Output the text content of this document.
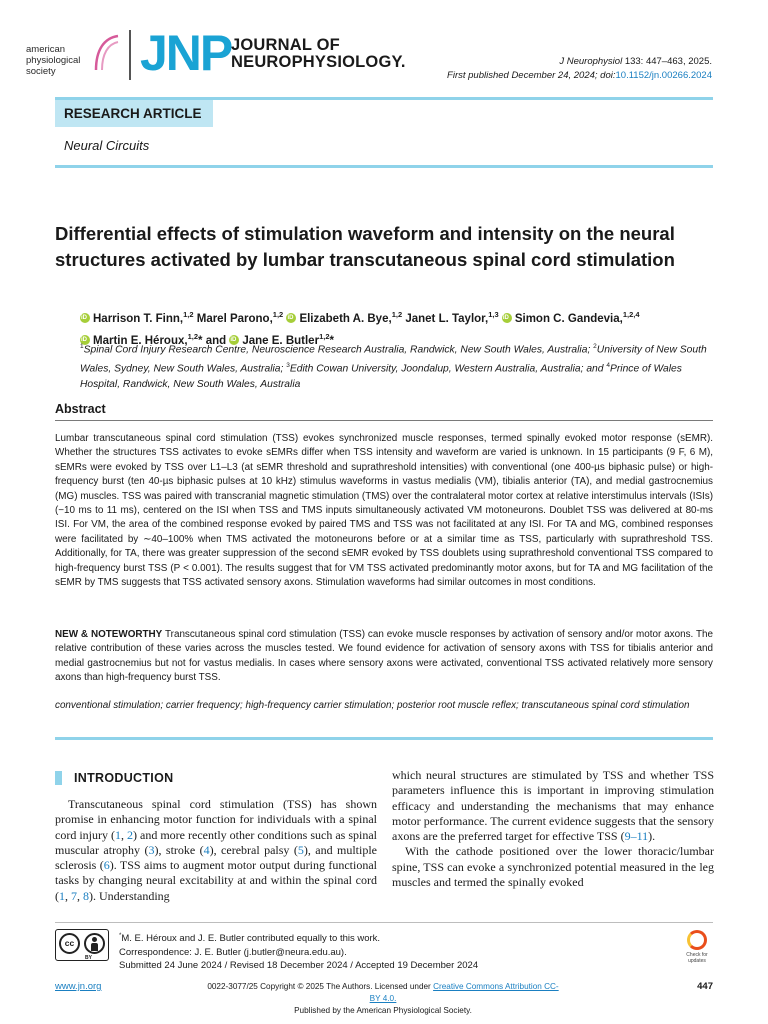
american
physiological
society	JNP JOURNAL OF
NEUROPHYSIOLOGY.	J Neurophysiol 133: 447–463, 2025.
First published December 24, 2024; doi:10.1152/jn.00266.2024
RESEARCH ARTICLE
Neural Circuits
Differential effects of stimulation waveform and intensity on the neural structures activated by lumbar transcutaneous spinal cord stimulation
iDHarrison T. Finn,$^{1,2}$ Marel Parono,$^{1,2}$ iD Elizabeth A. Bye,$^{1,2}$ Janet L. Taylor,$^{1,3}$ iD Simon C. Gandevia,$^{1,2,4}$
iDMartin E. Héroux,$^{1,2}$* and iD Jane E. Butler$^{1,2}$*
$^1$Spinal Cord Injury Research Centre, Neuroscience Research Australia, Randwick, New South Wales, Australia; $^2$University of New South Wales, Sydney, New South Wales, Australia; $^3$Edith Cowan University, Joondalup, Western Australia, Australia; and $^4$Prince of Wales Hospital, Randwick, New South Wales, Australia
Abstract
Lumbar transcutaneous spinal cord stimulation (TSS) evokes synchronized muscle responses, termed spinally evoked motor response (sEMR). Whether the structures TSS activates to evoke sEMRs differ when TSS intensity and waveform are varied is unknown. In 15 participants (9 F, 6 M), sEMRs were evoked by TSS over L1–L3 (at sEMR threshold and suprathreshold intensities) with conventional (one 400-µs biphasic pulse) or high-frequency burst (ten 40-µs biphasic pulses at 10 kHz) stimulus waveforms in vastus medialis (VM), tibialis anterior (TA), and medial gastrocnemius (MG) muscles. TSS was paired with transcranial magnetic stimulation (TMS) over the contralateral motor cortex at relative interstimulus intervals (ISIs) (−10 ms to 11 ms), centered on the ISI when TSS and TMS inputs simultaneously activated VM motoneurons. Doublet TSS was delivered at 80-ms ISI. For VM, the area of the combined response evoked by paired TMS and TSS was not facilitated at any ISI. For TA and MG, combined responses were facilitated by ∼40–100% when TMS activated the motoneurons before or at a similar time as TSS, particularly with suprathreshold TSS. Additionally, for TA, there was greater suppression of the second sEMR evoked by TSS doublets using suprathreshold conventional TSS compared to high-frequency burst TSS (P < 0.001). The results suggest that for VM TSS activated predominantly motor axons, but for TA and MG facilitation of the sEMR by TMS suggests that TSS activated sensory axons. Stimulation waveforms had similar outcomes in most conditions.
NEW & NOTEWORTHY Transcutaneous spinal cord stimulation (TSS) can evoke muscle responses by activation of sensory and/or motor axons. The relative contribution of these varies across the muscles tested. We found evidence for activation of sensory axons with TSS for tibialis anterior and medial gastrocnemius but not for vastus medialis. In cases where sensory axons were activated, conventional TSS activated relatively more sensory axons than high-frequency burst TSS.
conventional stimulation; carrier frequency; high-frequency carrier stimulation; posterior root muscle reflex; transcutaneous spinal cord stimulation
INTRODUCTION

Transcutaneous spinal cord stimulation (TSS) has shown promise in enhancing motor function for individuals with a spinal cord injury (1, 2) and more recently other conditions such as spinal muscular atrophy (3), stroke (4), cerebral palsy (5), and multiple sclerosis (6). TSS aims to augment motor output during functional tasks by changing neural excitability at and within the spinal cord (1, 7, 8). Understanding

which neural structures are stimulated by TSS and whether TSS parameters influence this is important in improving stimulation efficacy and understanding the mechanisms that may enhance motor performance. The current evidence suggests that the sensory axons are the preferred target for effective TSS (9–11).

With the cathode positioned over the lower thoracic/lumbar spine, TSS can evoke a synchronized potential measured in the leg muscles and termed the spinally evoked

cc
BY
*M. E. Héroux and J. E. Butler contributed equally to this work.
Correspondence: J. E. Butler (j.butler@neura.edu.au).
Submitted 24 June 2024 / Revised 18 December 2024 / Accepted 19 December 2024
Check for
updates
www.jn.org	0022-3077/25 Copyright © 2025 The Authors. Licensed under Creative Commons Attribution CC-BY 4.0.
Published by the American Physiological Society.
447
